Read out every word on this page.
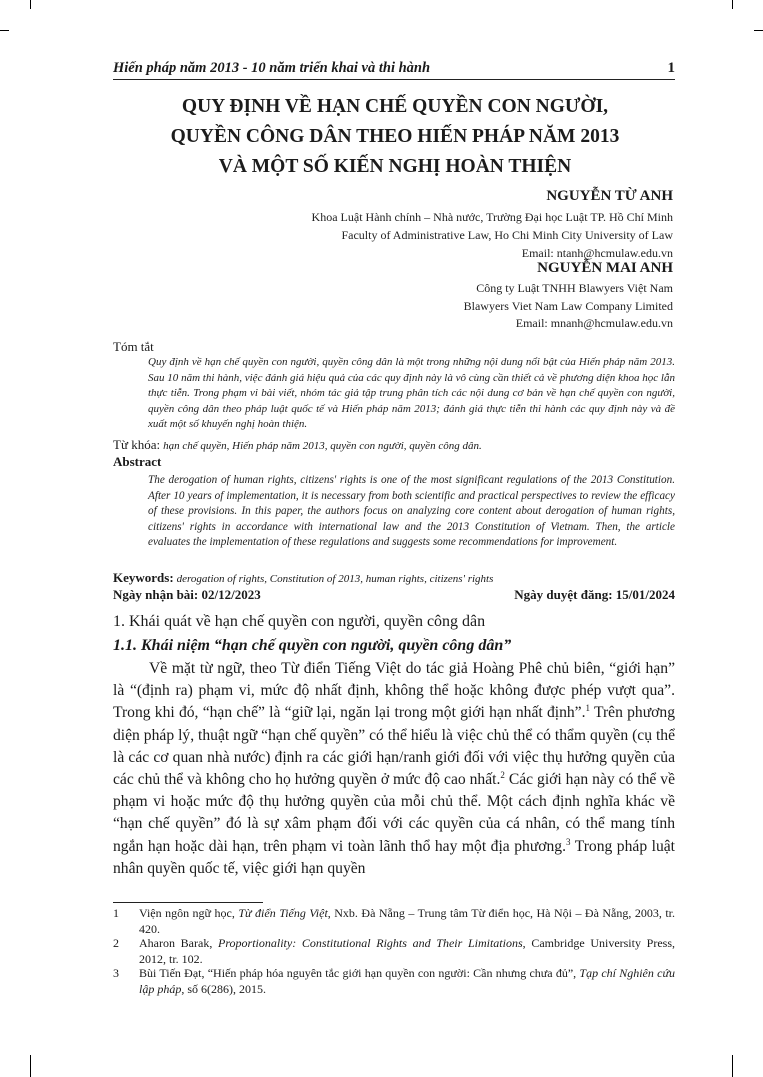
Hiến pháp năm 2013 - 10 năm triển khai và thi hành	1
QUY ĐỊNH VỀ HẠN CHẾ QUYỀN CON NGƯỜI,
QUYỀN CÔNG DÂN THEO HIẾN PHÁP NĂM 2013
VÀ MỘT SỐ KIẾN NGHỊ HOÀN THIỆN
NGUYỄN TỪ ANH
Khoa Luật Hành chính – Nhà nước, Trường Đại học Luật TP. Hồ Chí Minh
Faculty of Administrative Law, Ho Chi Minh City University of Law
Email: ntanh@hcmulaw.edu.vn
NGUYỄN MAI ANH
Công ty Luật TNHH Blawyers Việt Nam
Blawyers Viet Nam Law Company Limited
Email: mnanh@hcmulaw.edu.vn
Tóm tắt
Quy định về hạn chế quyền con người, quyền công dân là một trong những nội dung nổi bật của Hiến pháp năm 2013. Sau 10 năm thi hành, việc đánh giá hiệu quả của các quy định này là vô cùng cần thiết cả về phương diện khoa học lẫn thực tiễn. Trong phạm vi bài viết, nhóm tác giả tập trung phân tích các nội dung cơ bản về hạn chế quyền con người, quyền công dân theo pháp luật quốc tế và Hiến pháp năm 2013; đánh giá thực tiễn thi hành các quy định này và đề xuất một số khuyến nghị hoàn thiện.
Từ khóa: hạn chế quyền, Hiến pháp năm 2013, quyền con người, quyền công dân.
Abstract
The derogation of human rights, citizens' rights is one of the most significant regulations of the 2013 Constitution. After 10 years of implementation, it is necessary from both scientific and practical perspectives to review the efficacy of these provisions. In this paper, the authors focus on analyzing core content about derogation of human rights, citizens' rights in accordance with international law and the 2013 Constitution of Vietnam. Then, the article evaluates the implementation of these regulations and suggests some recommendations for improvement.
Keywords: derogation of rights, Constitution of 2013, human rights, citizens' rights
Ngày nhận bài: 02/12/2023	Ngày duyệt đăng: 15/01/2024
1. Khái quát về hạn chế quyền con người, quyền công dân
1.1. Khái niệm “hạn chế quyền con người, quyền công dân”
Về mặt từ ngữ, theo Từ điển Tiếng Việt do tác giả Hoàng Phê chủ biên, “giới hạn” là “(định ra) phạm vi, mức độ nhất định, không thể hoặc không được phép vượt qua”. Trong khi đó, “hạn chế” là “giữ lại, ngăn lại trong một giới hạn nhất định”.$^1$ Trên phương diện pháp lý, thuật ngữ “hạn chế quyền” có thể hiểu là việc chủ thể có thẩm quyền (cụ thể là các cơ quan nhà nước) định ra các giới hạn/ranh giới đối với việc thụ hưởng quyền của các chủ thể và không cho họ hưởng quyền ở mức độ cao nhất.$^2$ Các giới hạn này có thể về phạm vi hoặc mức độ thụ hưởng quyền của mỗi chủ thể. Một cách định nghĩa khác về “hạn chế quyền” đó là sự xâm phạm đối với các quyền của cá nhân, có thể mang tính ngắn hạn hoặc dài hạn, trên phạm vi toàn lãnh thổ hay một địa phương.$^3$ Trong pháp luật nhân quyền quốc tế, việc giới hạn quyền
1 Viện ngôn ngữ học, Từ điển Tiếng Việt, Nxb. Đà Nẵng – Trung tâm Từ điển học, Hà Nội – Đà Nẵng, 2003, tr. 420.
2 Aharon Barak, Proportionality: Constitutional Rights and Their Limitations, Cambridge University Press, 2012, tr. 102.
3 Bùi Tiến Đạt, “Hiến pháp hóa nguyên tắc giới hạn quyền con người: Cần nhưng chưa đủ”, Tạp chí Nghiên cứu lập pháp, số 6(286), 2015.
